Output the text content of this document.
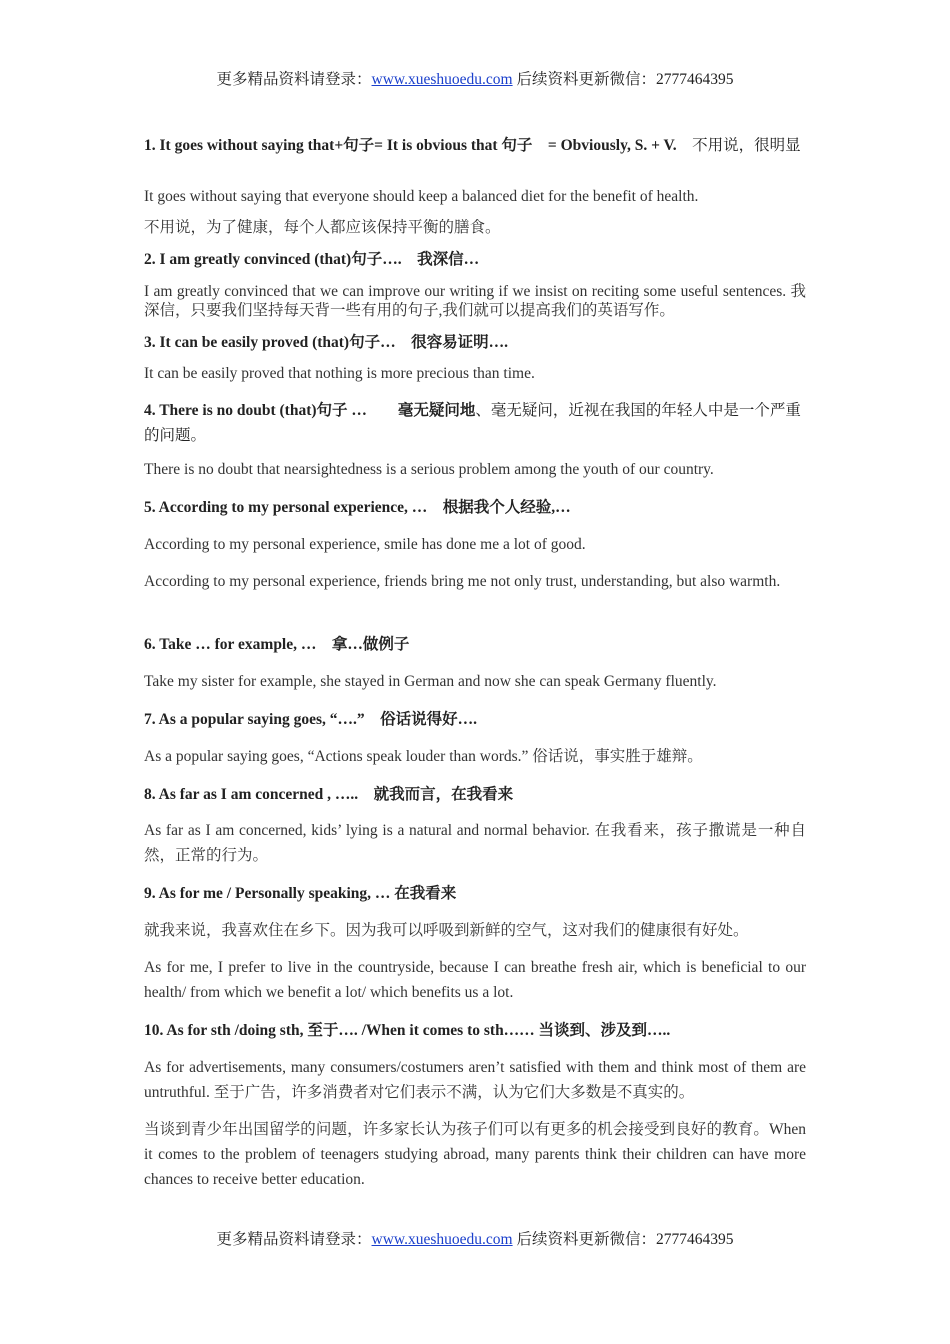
更多精品资料请登录：www.xueshuoedu.com 后续资料更新微信：2777464395
1. It goes without saying that+句子= It is obvious that 句子　= Obviously, S. + V.　不用说，很明显
It goes without saying that everyone should keep a balanced diet for the benefit of health.
不用说，为了健康，每个人都应该保持平衡的膳食。
2. I am greatly convinced (that)句子….　我深信…
I am greatly convinced that we can improve our writing if we insist on reciting some useful sentences. 我深信，只要我们坚持每天背一些有用的句子,我们就可以提高我们的英语写作。
3. It can be easily proved (that)句子…　很容易证明….
It can be easily proved that nothing is more precious than time.
4. There is no doubt (that)句子 …　　毫无疑问地、毫无疑问，近视在我国的年轻人中是一个严重的问题。
There is no doubt that nearsightedness is a serious problem among the youth of our country.
5. According to my personal experience, …　根据我个人经验,…
According to my personal experience, smile has done me a lot of good.
According to my personal experience, friends bring me not only trust, understanding, but also warmth.
6. Take … for example, …　拿…做例子
Take my sister for example, she stayed in German and now she can speak Germany fluently.
7. As a popular saying goes, “….”　俗话说得好….
As a popular saying goes, “Actions speak louder than words.” 俗话说，事实胜于雄辩。
8. As far as I am concerned , …..　就我而言，在我看来
As far as I am concerned, kids’ lying is a natural and normal behavior. 在我看来，孩子撒谎是一种自然，正常的行为。
9. As for me / Personally speaking, … 在我看来
就我来说，我喜欢住在乡下。因为我可以呼吸到新鲜的空气，这对我们的健康很有好处。
As for me, I prefer to live in the countryside, because I can breathe fresh air, which is beneficial to our health/ from which we benefit a lot/ which benefits us a lot.
10. As for sth /doing sth, 至于…. /When it comes to sth…… 当谈到、涉及到…..
As for advertisements, many consumers/costumers aren’t satisfied with them and think most of them are untruthful. 至于广告，许多消费者对它们表示不满，认为它们大多数是不真实的。
当谈到青少年出国留学的问题，许多家长认为孩子们可以有更多的机会接受到良好的教育。When it comes to the problem of teenagers studying abroad, many parents think their children can have more chances to receive better education.
更多精品资料请登录：www.xueshuoedu.com 后续资料更新微信：2777464395
